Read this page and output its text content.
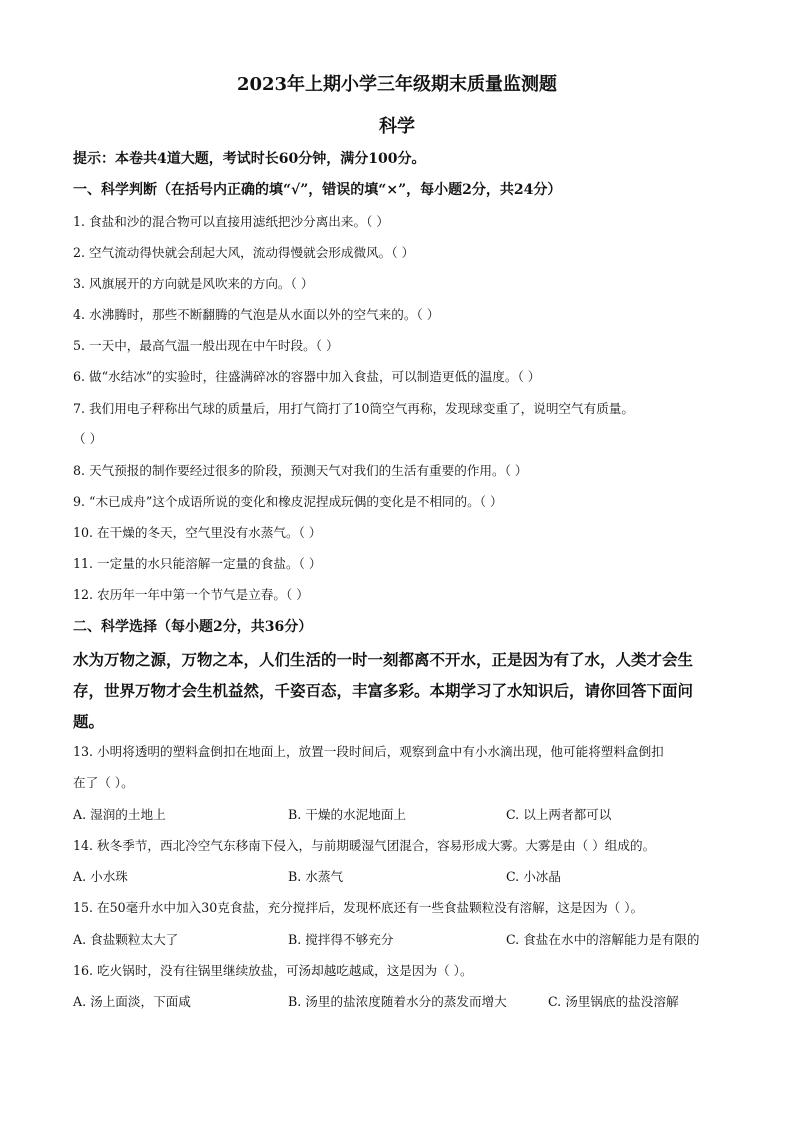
2023年上期小学三年级期末质量监测题
科学
提示：本卷共4道大题，考试时长60分钟，满分100分。
一、科学判断（在括号内正确的填“√”，错误的填“×”，每小题2分，共24分）
1. 食盐和沙的混合物可以直接用滤纸把沙分离出来。（ ）
2. 空气流动得快就会刮起大风，流动得慢就会形成微风。（ ）
3. 风旗展开的方向就是风吹来的方向。（ ）
4. 水沸腾时，那些不断翻腾的气泡是从水面以外的空气来的。（ ）
5. 一天中，最高气温一般出现在中午时段。（ ）
6. 做“水结冰”的实验时，往盛满碎冰的容器中加入食盐，可以制造更低的温度。（ ）
7. 我们用电子秤称出气球的质量后，用打气筒打了10筒空气再称，发现球变重了，说明空气有质量。
（ ）
8. 天气预报的制作要经过很多的阶段，预测天气对我们的生活有重要的作用。（ ）
9. “木已成舟”这个成语所说的变化和橡皮泥捏成玩偶的变化是不相同的。（ ）
10. 在干燥的冬天，空气里没有水蒸气。（ ）
11. 一定量的水只能溶解一定量的食盐。（ ）
12. 农历年一年中第一个节气是立春。（ ）
二、科学选择（每小题2分，共36分）
水为万物之源，万物之本，人们生活的一时一刻都离不开水，正是因为有了水，人类才会生
存，世界万物才会生机益然，千姿百态，丰富多彩。本期学习了水知识后，请你回答下面问
题。
13. 小明将透明的塑料盒倒扣在地面上，放置一段时间后，观察到盒中有小水滴出现，他可能将塑料盒倒扣
在了（ ）。
A. 湿润的土地上	B. 干燥的水泥地面上	C. 以上两者都可以
14. 秋冬季节，西北冷空气东移南下侵入，与前期暖湿气团混合，容易形成大雾。大雾是由（ ）组成的。
A. 小水珠	B. 水蒸气	C. 小冰晶
15. 在50毫升水中加入30克食盐，充分搅拌后，发现杯底还有一些食盐颗粒没有溶解，这是因为（ ）。
A. 食盐颗粒太大了	B. 搅拌得不够充分	C. 食盐在水中的溶解能力是有限的
16. 吃火锅时，没有往锅里继续放盐，可汤却越吃越咸，这是因为（ ）。
A. 汤上面淡，下面咸	B. 汤里的盐浓度随着水分的蒸发而增大	C. 汤里锅底的盐没溶解
